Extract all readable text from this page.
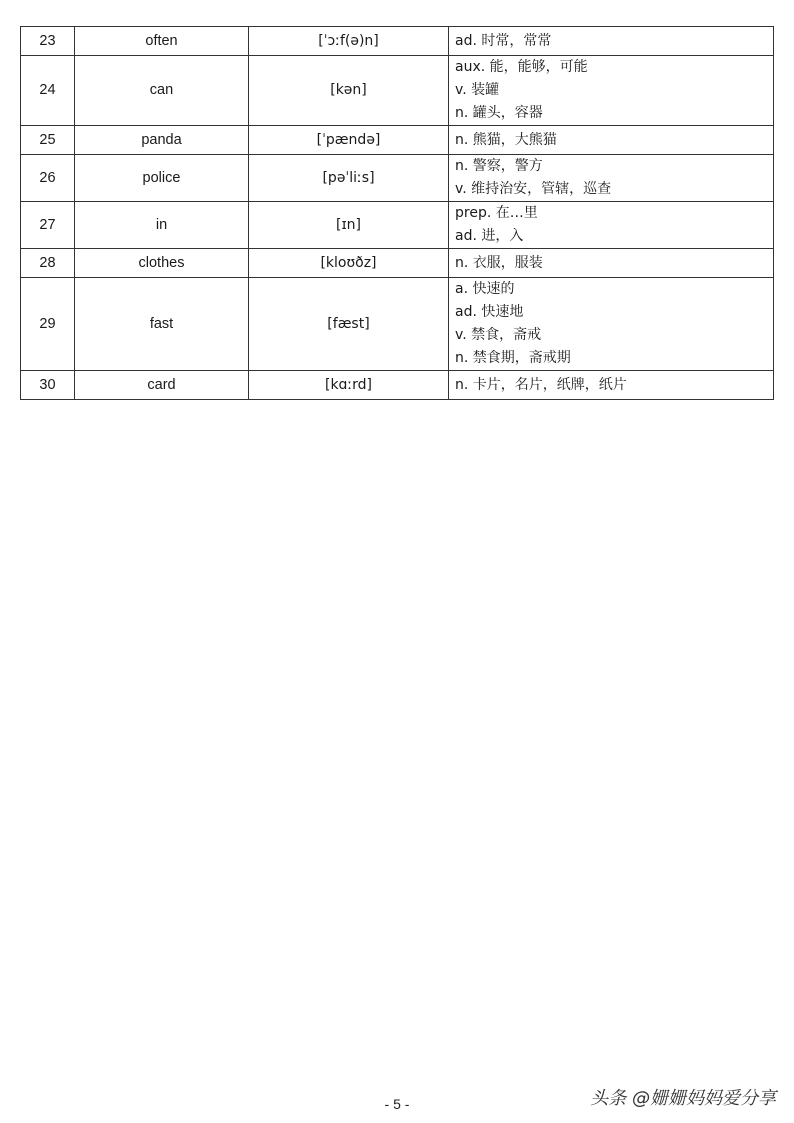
23	often	[ˈɔːf(ə)n]	ad. 时常，常常

24	can	[kən]	aux. 能，能够，可能
v. 装罐
n. 罐头，容器

25	panda	[ˈpændə]	n. 熊猫，大熊猫

26	police	[pəˈliːs]	n. 警察，警方
v. 维持治安，管辖，巡查

27	in	[ɪn]	prep. 在…里
ad. 进，入

28	clothes	[kloʊðz]	n. 衣服，服装

29	fast	[fæst]	a. 快速的
ad. 快速地
v. 禁食，斋戒
n. 禁食期，斋戒期

30	card	[kɑːrd]	n. 卡片，名片，纸牌，纸片
- 5 -	头条 @姗姗妈妈爱分享
